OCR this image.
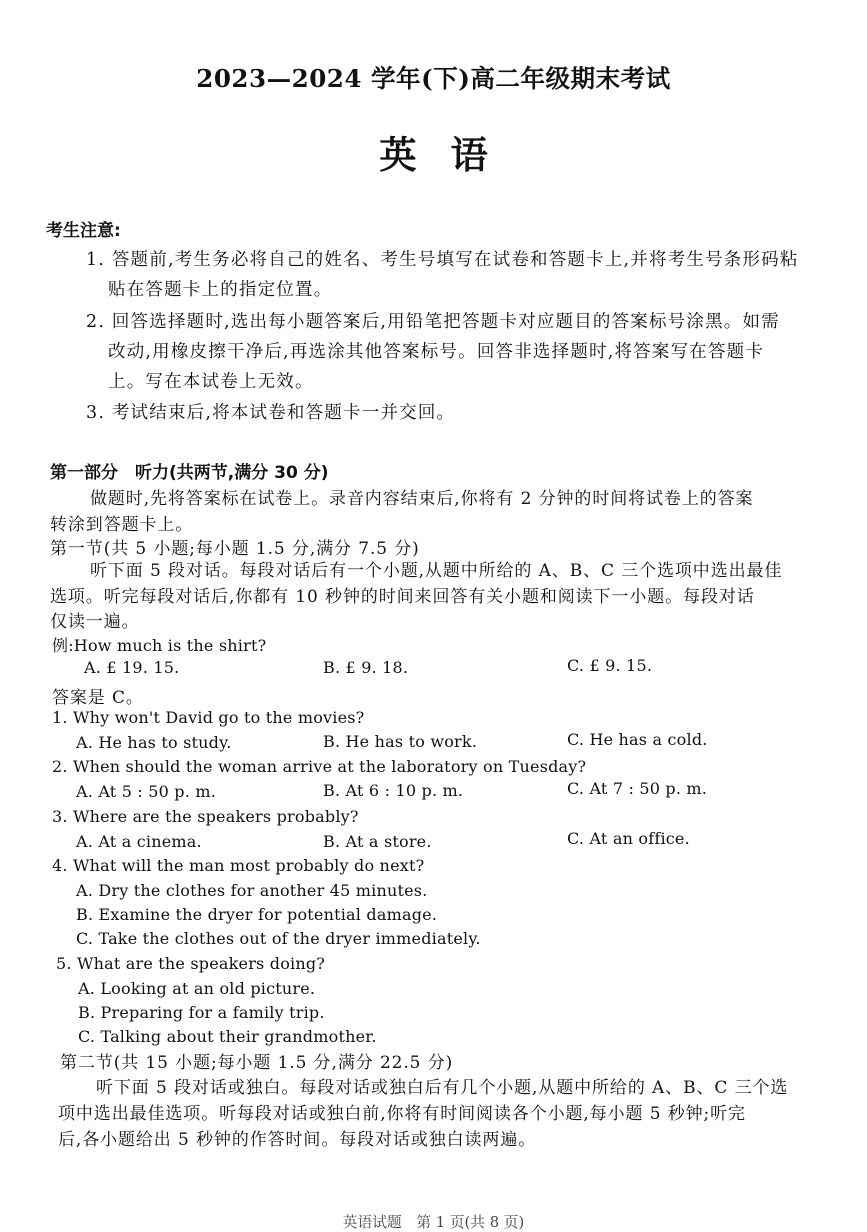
2023—2024 学年(下)高二年级期末考试
英语
考生注意:
1. 答题前,考生务必将自己的姓名、考生号填写在试卷和答题卡上,并将考生号条形码粘
贴在答题卡上的指定位置。
2. 回答选择题时,选出每小题答案后,用铅笔把答题卡对应题目的答案标号涂黑。如需
改动,用橡皮擦干净后,再选涂其他答案标号。回答非选择题时,将答案写在答题卡
上。写在本试卷上无效。
3. 考试结束后,将本试卷和答题卡一并交回。
第一部分　听力(共两节,满分 30 分)
做题时,先将答案标在试卷上。录音内容结束后,你将有 2 分钟的时间将试卷上的答案
转涂到答题卡上。
第一节(共 5 小题;每小题 1.5 分,满分 7.5 分)
听下面 5 段对话。每段对话后有一个小题,从题中所给的 A、B、C 三个选项中选出最佳
选项。听完每段对话后,你都有 10 秒钟的时间来回答有关小题和阅读下一小题。每段对话
仅读一遍。
例:How much is the shirt?
A. £ 19. 15.	B. £ 9. 18.	C. £ 9. 15.
答案是 C。
1. Why won't David go to the movies?
A. He has to study.	B. He has to work.	C. He has a cold.
2. When should the woman arrive at the laboratory on Tuesday?
A. At 5 : 50 p. m.	B. At 6 : 10 p. m.	C. At 7 : 50 p. m.
3. Where are the speakers probably?
A. At a cinema.	B. At a store.	C. At an office.
4. What will the man most probably do next?
A. Dry the clothes for another 45 minutes.
B. Examine the dryer for potential damage.
C. Take the clothes out of the dryer immediately.
5. What are the speakers doing?
A. Looking at an old picture.
B. Preparing for a family trip.
C. Talking about their grandmother.
第二节(共 15 小题;每小题 1.5 分,满分 22.5 分)
听下面 5 段对话或独白。每段对话或独白后有几个小题,从题中所给的 A、B、C 三个选
项中选出最佳选项。听每段对话或独白前,你将有时间阅读各个小题,每小题 5 秒钟;听完
后,各小题给出 5 秒钟的作答时间。每段对话或独白读两遍。
英语试题　第 1 页(共 8 页)
